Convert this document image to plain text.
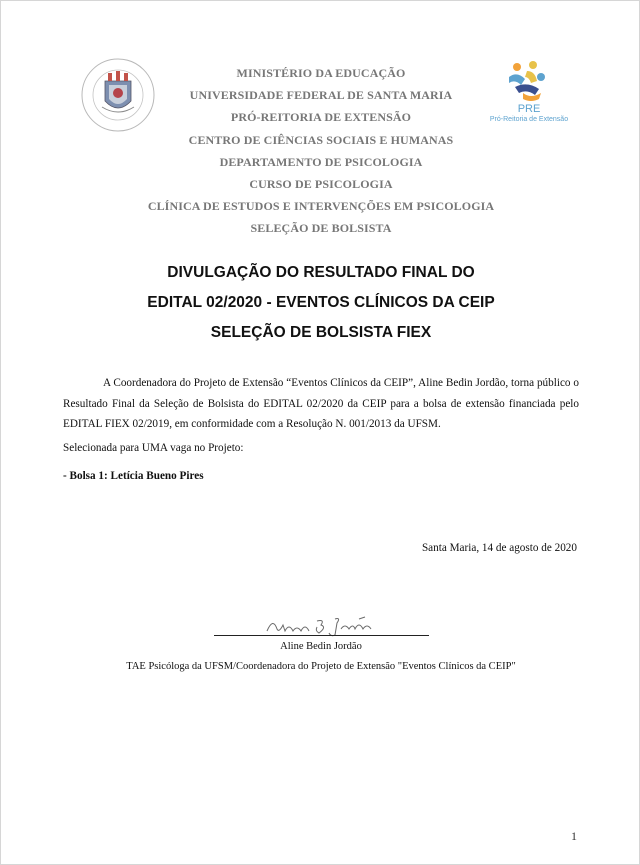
PRE
Pró-Reitoria de Extensão
MINISTÉRIO DA EDUCAÇÃO
UNIVERSIDADE FEDERAL DE SANTA MARIA
PRÓ-REITORIA DE EXTENSÃO
CENTRO DE CIÊNCIAS SOCIAIS E HUMANAS
DEPARTAMENTO DE PSICOLOGIA
CURSO DE PSICOLOGIA
CLÍNICA DE ESTUDOS E INTERVENÇÕES EM PSICOLOGIA
SELEÇÃO DE BOLSISTA
DIVULGAÇÃO DO RESULTADO FINAL DO
EDITAL 02/2020 - EVENTOS CLÍNICOS DA CEIP
SELEÇÃO DE BOLSISTA FIEX

A Coordenadora do Projeto de Extensão “Eventos Clínicos da CEIP”, Aline Bedin Jordão, torna público o Resultado Final da Seleção de Bolsista do EDITAL 02/2020 da CEIP para a bolsa de extensão financiada pelo EDITAL FIEX 02/2019, em conformidade com a Resolução N. 001/2013 da UFSM.

Selecionada para UMA vaga no Projeto:
- Bolsa 1: Letícia Bueno Pires
Santa Maria, 14 de agosto de 2020
Aline Bedin Jordão
TAE Psicóloga da UFSM/Coordenadora do Projeto de Extensão "Eventos Clínicos da CEIP"
1
